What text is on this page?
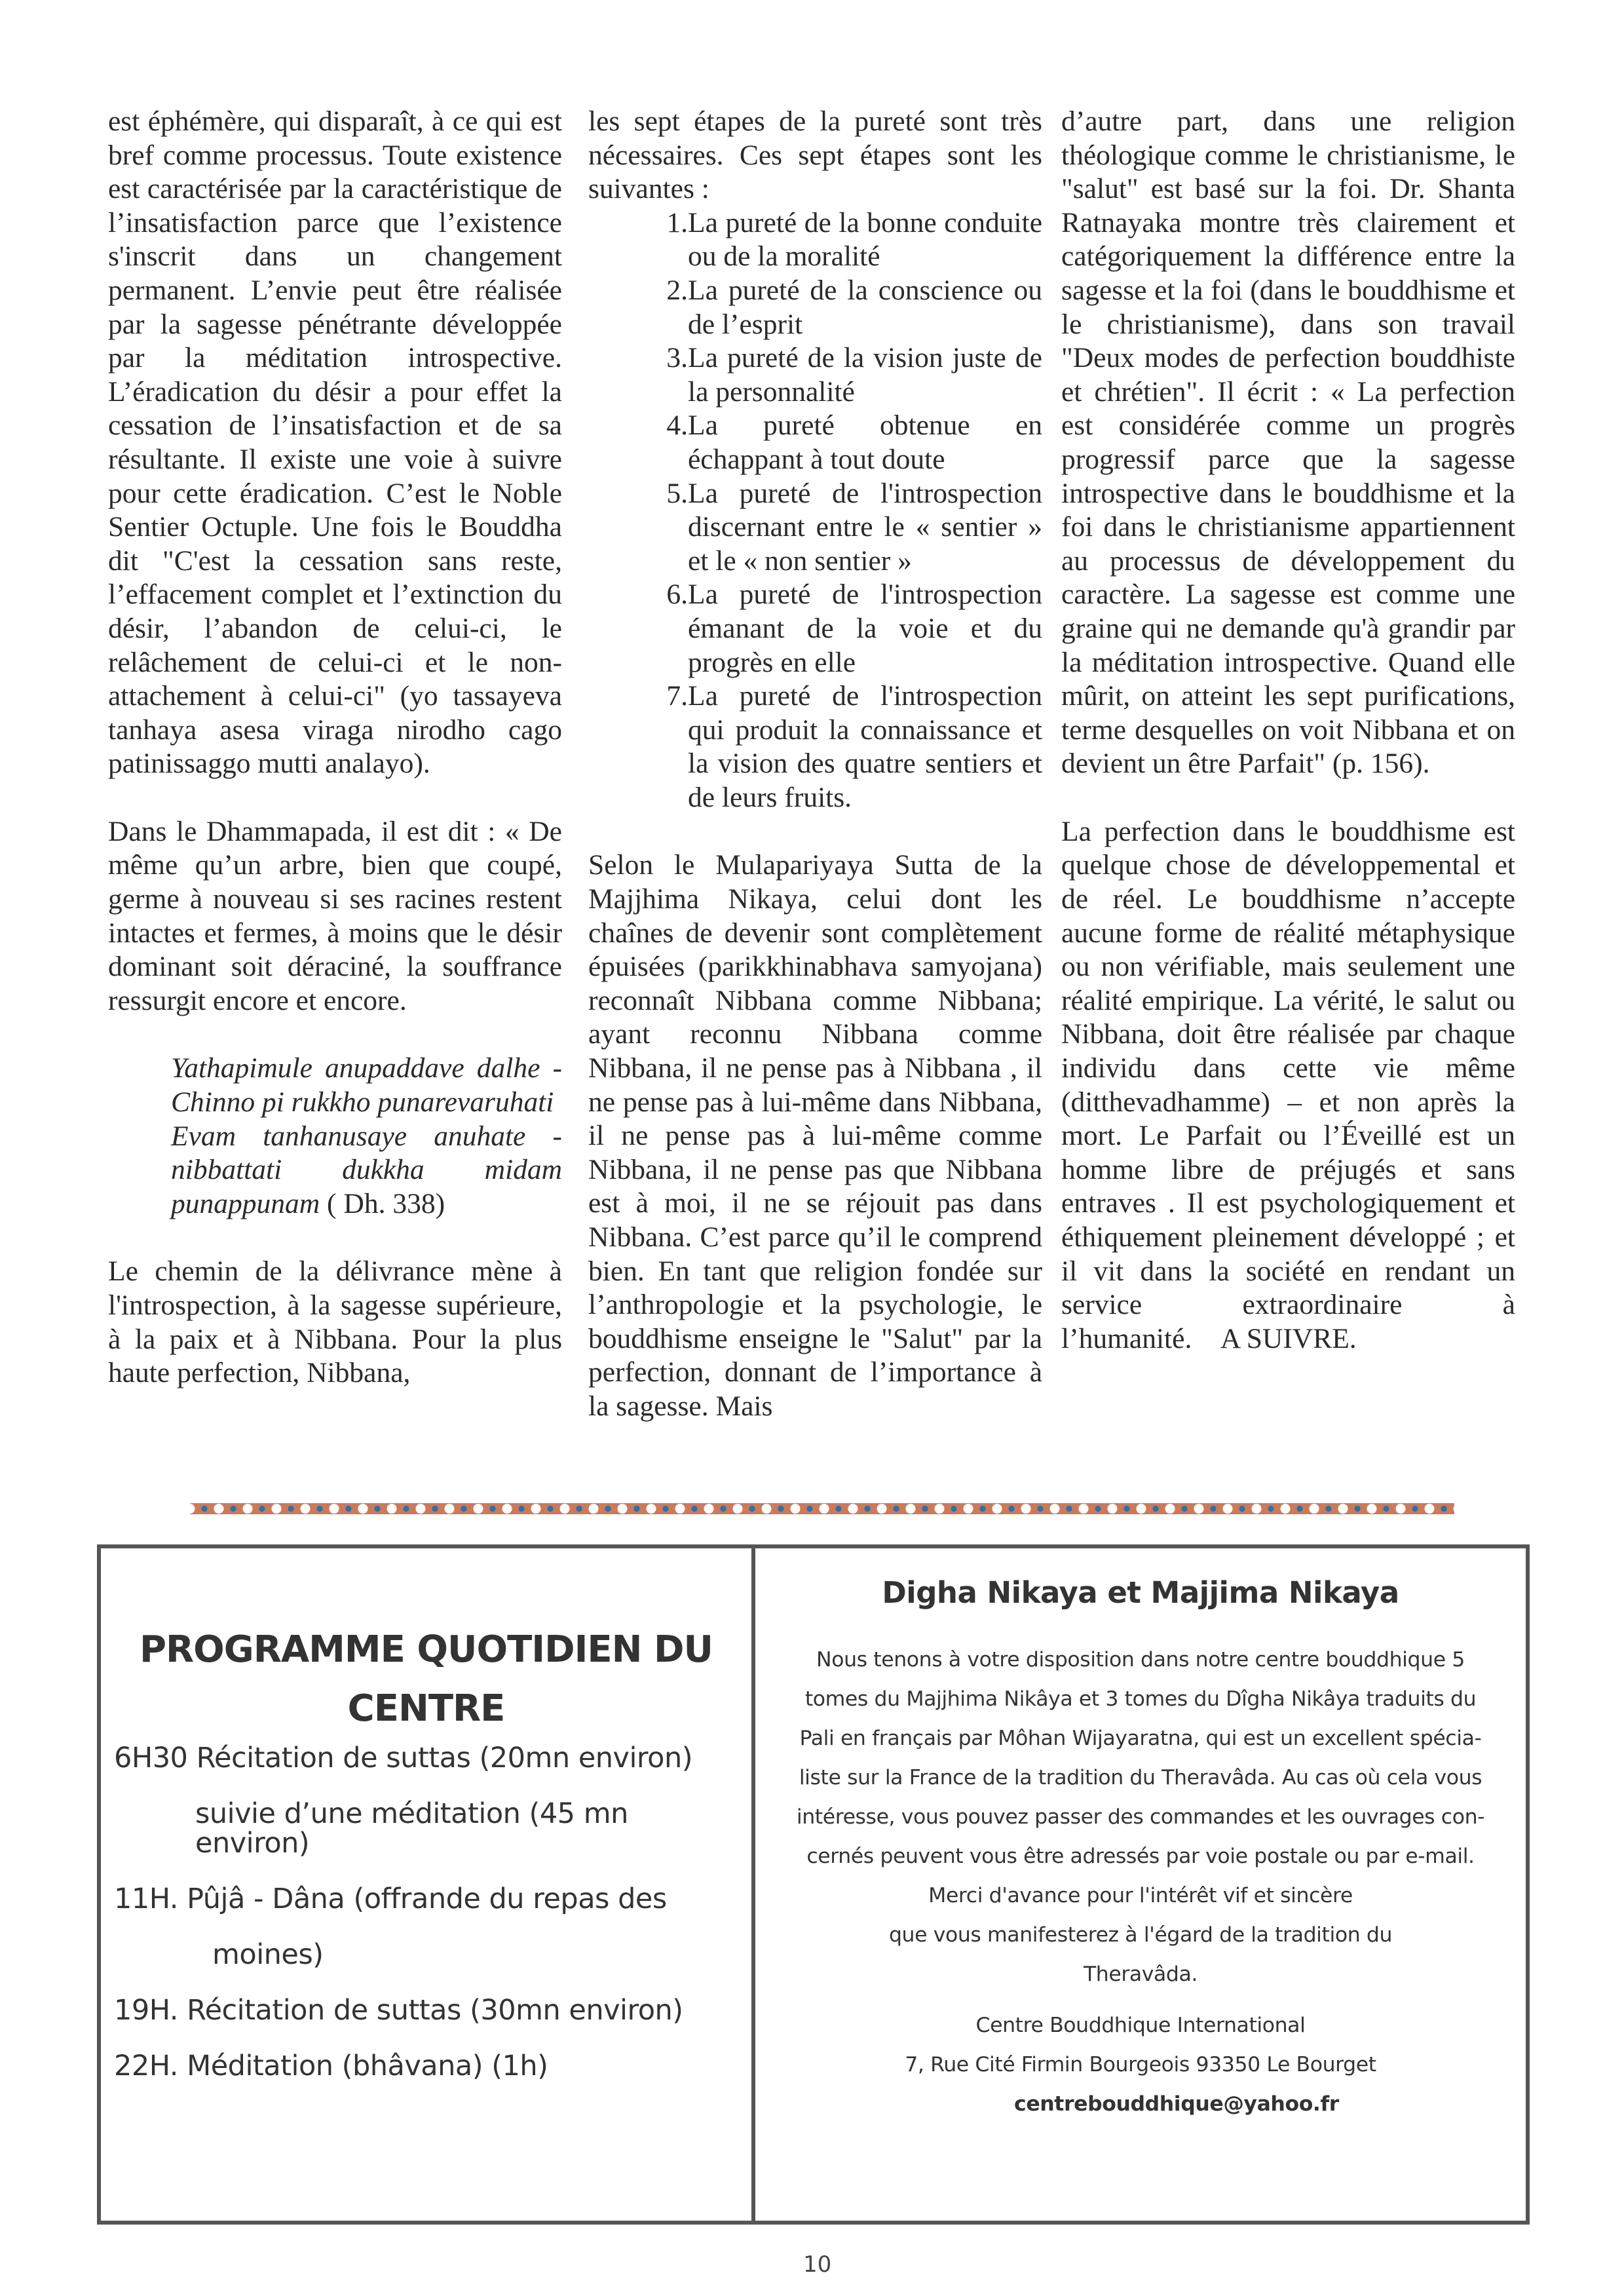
est éphémère, qui disparaît, à ce qui est bref comme processus. Toute existence est caractérisée par la caractéristique de l’insatisfaction parce que l’existence s'inscrit dans un changement permanent. L’envie peut être réalisée par la sagesse pénétrante développée par la méditation introspective. L’éradication du désir a pour effet la cessation de l’insatisfaction et de sa résultante. Il existe une voie à suivre pour cette éradication. C’est le Noble Sentier Octuple. Une fois le Bouddha dit "C'est la cessation sans reste, l’effacement complet et l’extinction du désir, l’abandon de celui-ci, le relâchement de celui-ci et le non-attachement à celui-ci" (yo tassayeva tanhaya asesa viraga nirodho cago patinissaggo mutti analayo).

Dans le Dhammapada, il est dit : « De même qu’un arbre, bien que coupé, germe à nouveau si ses racines restent intactes et fermes, à moins que le désir dominant soit déraciné, la souffrance ressurgit encore et encore.

Yathapimule anupaddave dalhe - Chinno pi rukkho punarevaruhati
Evam tanhanusaye anuhate - nibbattati dukkha midam punappunam ( Dh. 338)

Le chemin de la délivrance mène à l'introspection, à la sagesse supérieure, à la paix et à Nibbana. Pour la plus haute perfection, Nibbana,

les sept étapes de la pureté sont très nécessaires. Ces sept étapes sont les suivantes :

1.La pureté de la bonne conduite ou de la moralité
2.La pureté de la conscience ou de l’esprit
3.La pureté de la vision juste de la personnalité
4.La pureté obtenue en échappant à tout doute
5.La pureté de l'introspection discernant entre le « sentier » et le « non sentier »
6.La pureté de l'introspection émanant de la voie et du progrès en elle
7.La pureté de l'introspection qui produit la connaissance et la vision des quatre sentiers et de leurs fruits.

Selon le Mulapariyaya Sutta de la Majjhima Nikaya, celui dont les chaînes de devenir sont complètement épuisées (parikkhinabhava samyojana) reconnaît Nibbana comme Nibbana; ayant reconnu Nibbana comme Nibbana, il ne pense pas à Nibbana , il ne pense pas à lui-même dans Nibbana, il ne pense pas à lui-même comme Nibbana, il ne pense pas que Nibbana est à moi, il ne se réjouit pas dans Nibbana. C’est parce qu’il le comprend bien. En tant que religion fondée sur l’anthropologie et la psychologie, le bouddhisme enseigne le "Salut" par la perfection, donnant de l’importance à la sagesse. Mais

d’autre part, dans une religion théologique comme le christianisme, le "salut" est basé sur la foi. Dr. Shanta Ratnayaka montre très clairement et catégoriquement la différence entre la sagesse et la foi (dans le bouddhisme et le christianisme), dans son travail "Deux modes de perfection bouddhiste et chrétien". Il écrit : « La perfection est considérée comme un progrès progressif parce que la sagesse introspective dans le bouddhisme et la foi dans le christianisme appartiennent au processus de développement du caractère. La sagesse est comme une graine qui ne demande qu'à grandir par la méditation introspective. Quand elle mûrit, on atteint les sept purifications, terme desquelles on voit Nibbana et on devient un être Parfait" (p. 156).

La perfection dans le bouddhisme est quelque chose de développemental et de réel. Le bouddhisme n’accepte aucune forme de réalité métaphysique ou non vérifiable, mais seulement une réalité empirique. La vérité, le salut ou Nibbana, doit être réalisée par chaque individu dans cette vie même (ditthevadhamme) – et non après la mort. Le Parfait ou l’Éveillé est un homme libre de préjugés et sans entraves . Il est psychologiquement et éthiquement pleinement développé ; et il vit dans la société en rendant un service extraordinaire à l’humanité. A SUIVRE.

PROGRAMME QUOTIDIEN DU
CENTRE
6H30 Récitation de suttas (20mn environ)
suivie d’une méditation (45 mn environ)
11H. Pûjâ - Dâna (offrande du repas des
moines)
19H. Récitation de suttas (30mn environ)
22H. Méditation (bhâvana) (1h)
Digha Nikaya et Majjima Nikaya

Nous tenons à votre disposition dans notre centre bouddhique 5

tomes du Majjhima Nikâya et 3 tomes du Dîgha Nikâya traduits du

Pali en français par Môhan Wijayaratna, qui est un excellent spécia-

liste sur la France de la tradition du Theravâda. Au cas où cela vous

intéresse, vous pouvez passer des commandes et les ouvrages con-

cernés peuvent vous être adressés par voie postale ou par e-mail.

Merci d'avance pour l'intérêt vif et sincère

que vous manifesterez à l'égard de la tradition du

Theravâda.

Centre Bouddhique International

7, Rue Cité Firmin Bourgeois 93350 Le Bourget

centrebouddhique@yahoo.fr

10
